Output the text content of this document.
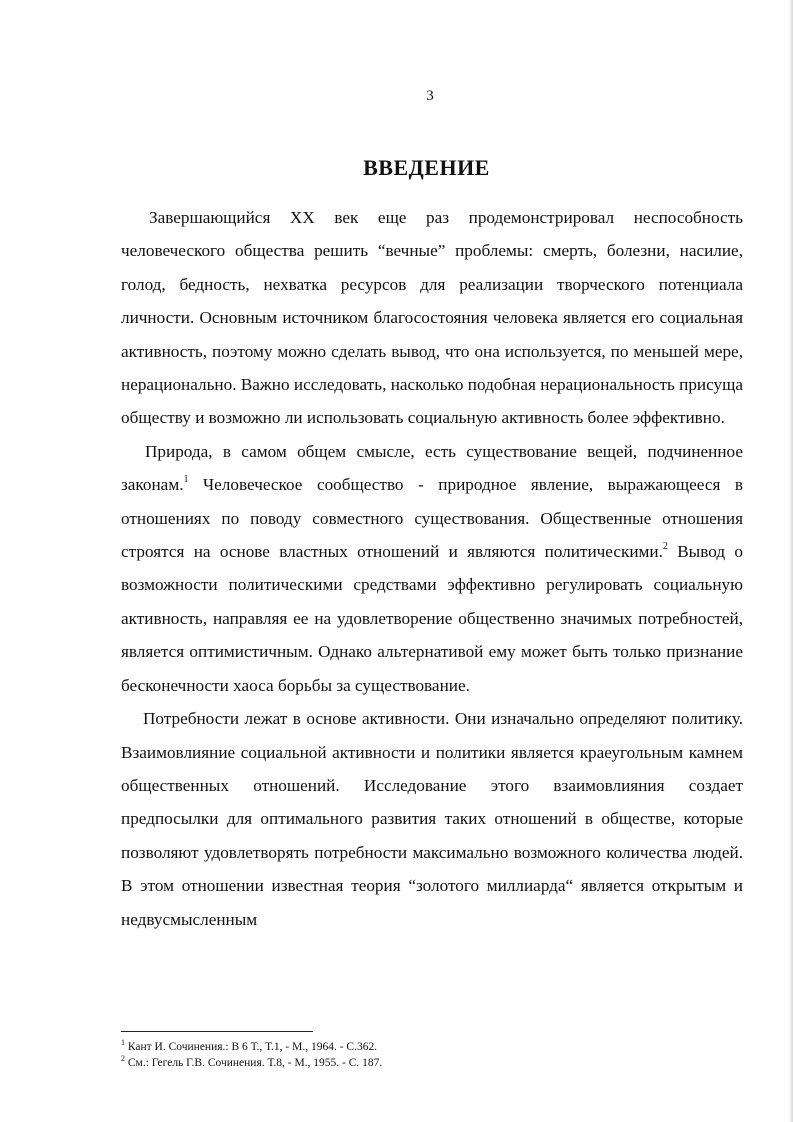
3
ВВЕДЕНИЕ

Завершающийся XX век еще раз продемонстрировал неспособность человеческого общества решить “вечные” проблемы: смерть, болезни, насилие, голод, бедность, нехватка ресурсов для реализации творческого потенциала личности. Основным источником благосостояния человека является его социальная активность, поэтому можно сделать вывод, что она используется, по меньшей мере, нерационально. Важно исследовать, насколько подобная нерациональность присуща обществу и возможно ли использовать социальную активность более эффективно.

Природа, в самом общем смысле, есть существование вещей, подчиненное законам.$^1$ Человеческое сообщество - природное явление, выражающееся в отношениях по поводу совместного существования. Общественные отношения строятся на основе властных отношений и являются политическими.$^2$ Вывод о возможности политическими средствами эффективно регулировать социальную активность, направляя ее на удовлетворение общественно значимых потребностей, является оптимистичным. Однако альтернативой ему может быть только признание бесконечности хаоса борьбы за существование.

Потребности лежат в основе активности. Они изначально определяют политику. Взаимовлияние социальной активности и политики является краеугольным камнем общественных отношений. Исследование этого взаимовлияния создает предпосылки для оптимального развития таких отношений в обществе, которые позволяют удовлетворять потребности максимально возможного количества людей. В этом отношении известная теория “золотого миллиарда“ является открытым и недвусмысленным

$^1$ Кант И. Сочинения.: В 6 Т., Т.1, - М., 1964. - С.362.
$^2$ См.: Гегель Г.В. Сочинения. Т.8, - М., 1955. - С. 187.
